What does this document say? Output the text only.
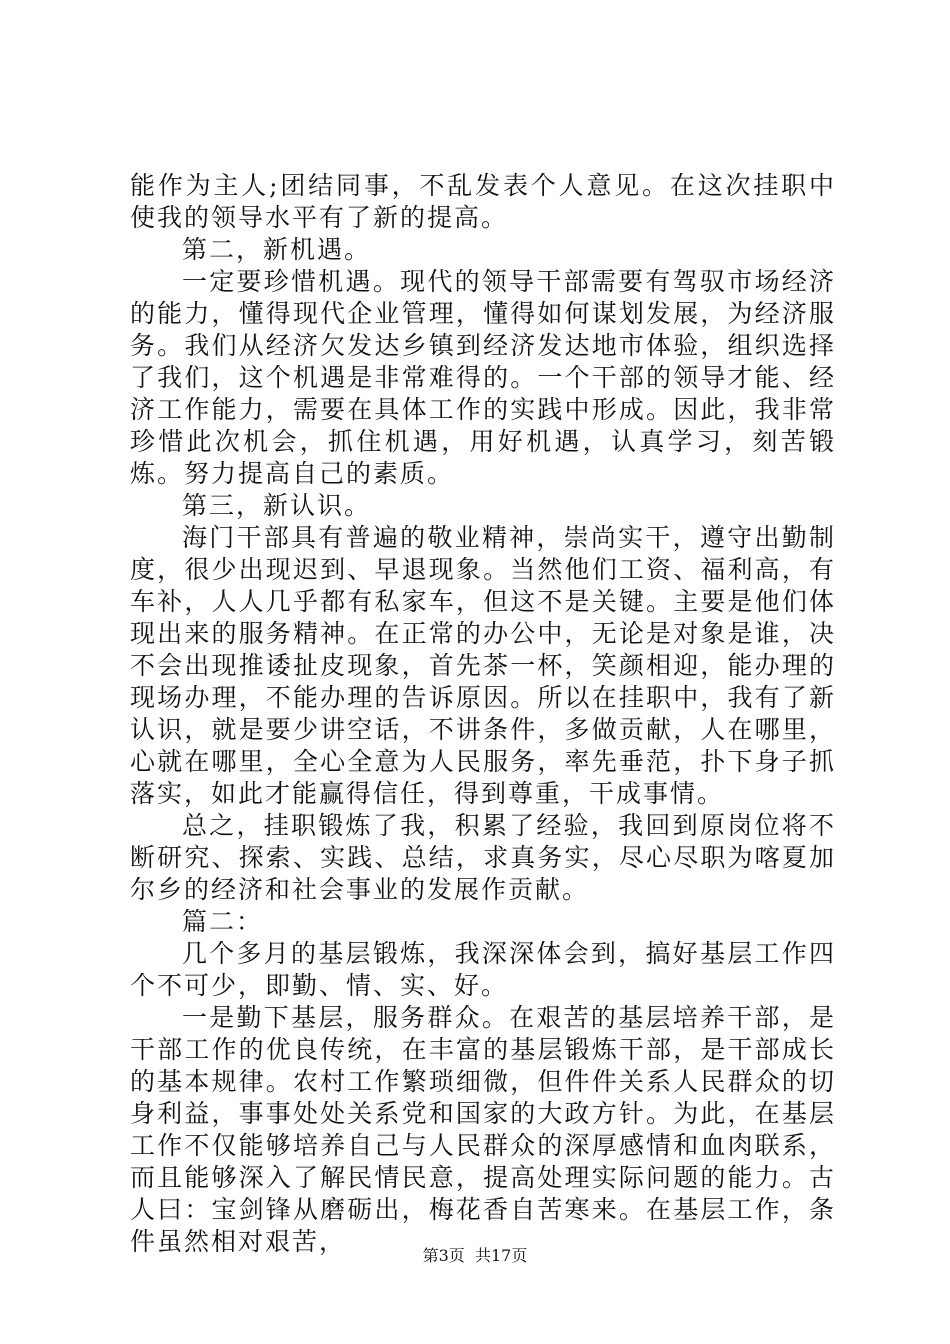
能作为主人;团结同事，不乱发表个人意见。在这次挂职中使我的领导水平有了新的提高。

第二，新机遇。

一定要珍惜机遇。现代的领导干部需要有驾驭市场经济的能力，懂得现代企业管理，懂得如何谋划发展，为经济服务。我们从经济欠发达乡镇到经济发达地市体验，组织选择了我们，这个机遇是非常难得的。一个干部的领导才能、经济工作能力，需要在具体工作的实践中形成。因此，我非常珍惜此次机会，抓住机遇，用好机遇，认真学习，刻苦锻炼。努力提高自己的素质。

第三，新认识。

海门干部具有普遍的敬业精神，崇尚实干，遵守出勤制度，很少出现迟到、早退现象。当然他们工资、福利高，有车补，人人几乎都有私家车，但这不是关键。主要是他们体现出来的服务精神。在正常的办公中，无论是对象是谁，决不会出现推诿扯皮现象，首先茶一杯，笑颜相迎，能办理的现场办理，不能办理的告诉原因。所以在挂职中，我有了新认识，就是要少讲空话，不讲条件，多做贡献，人在哪里，心就在哪里，全心全意为人民服务，率先垂范，扑下身子抓落实，如此才能赢得信任，得到尊重，干成事情。

总之，挂职锻炼了我，积累了经验，我回到原岗位将不断研究、探索、实践、总结，求真务实，尽心尽职为喀夏加尔乡的经济和社会事业的发展作贡献。

篇二：

几个多月的基层锻炼，我深深体会到，搞好基层工作四个不可少，即勤、情、实、好。

一是勤下基层，服务群众。在艰苦的基层培养干部，是干部工作的优良传统，在丰富的基层锻炼干部，是干部成长的基本规律。农村工作繁琐细微，但件件关系人民群众的切身利益，事事处处关系党和国家的大政方针。为此，在基层工作不仅能够培养自己与人民群众的深厚感情和血肉联系，而且能够深入了解民情民意，提高处理实际问题的能力。古人曰：宝剑锋从磨砺出，梅花香自苦寒来。在基层工作，条件虽然相对艰苦，	第3页 共17页
